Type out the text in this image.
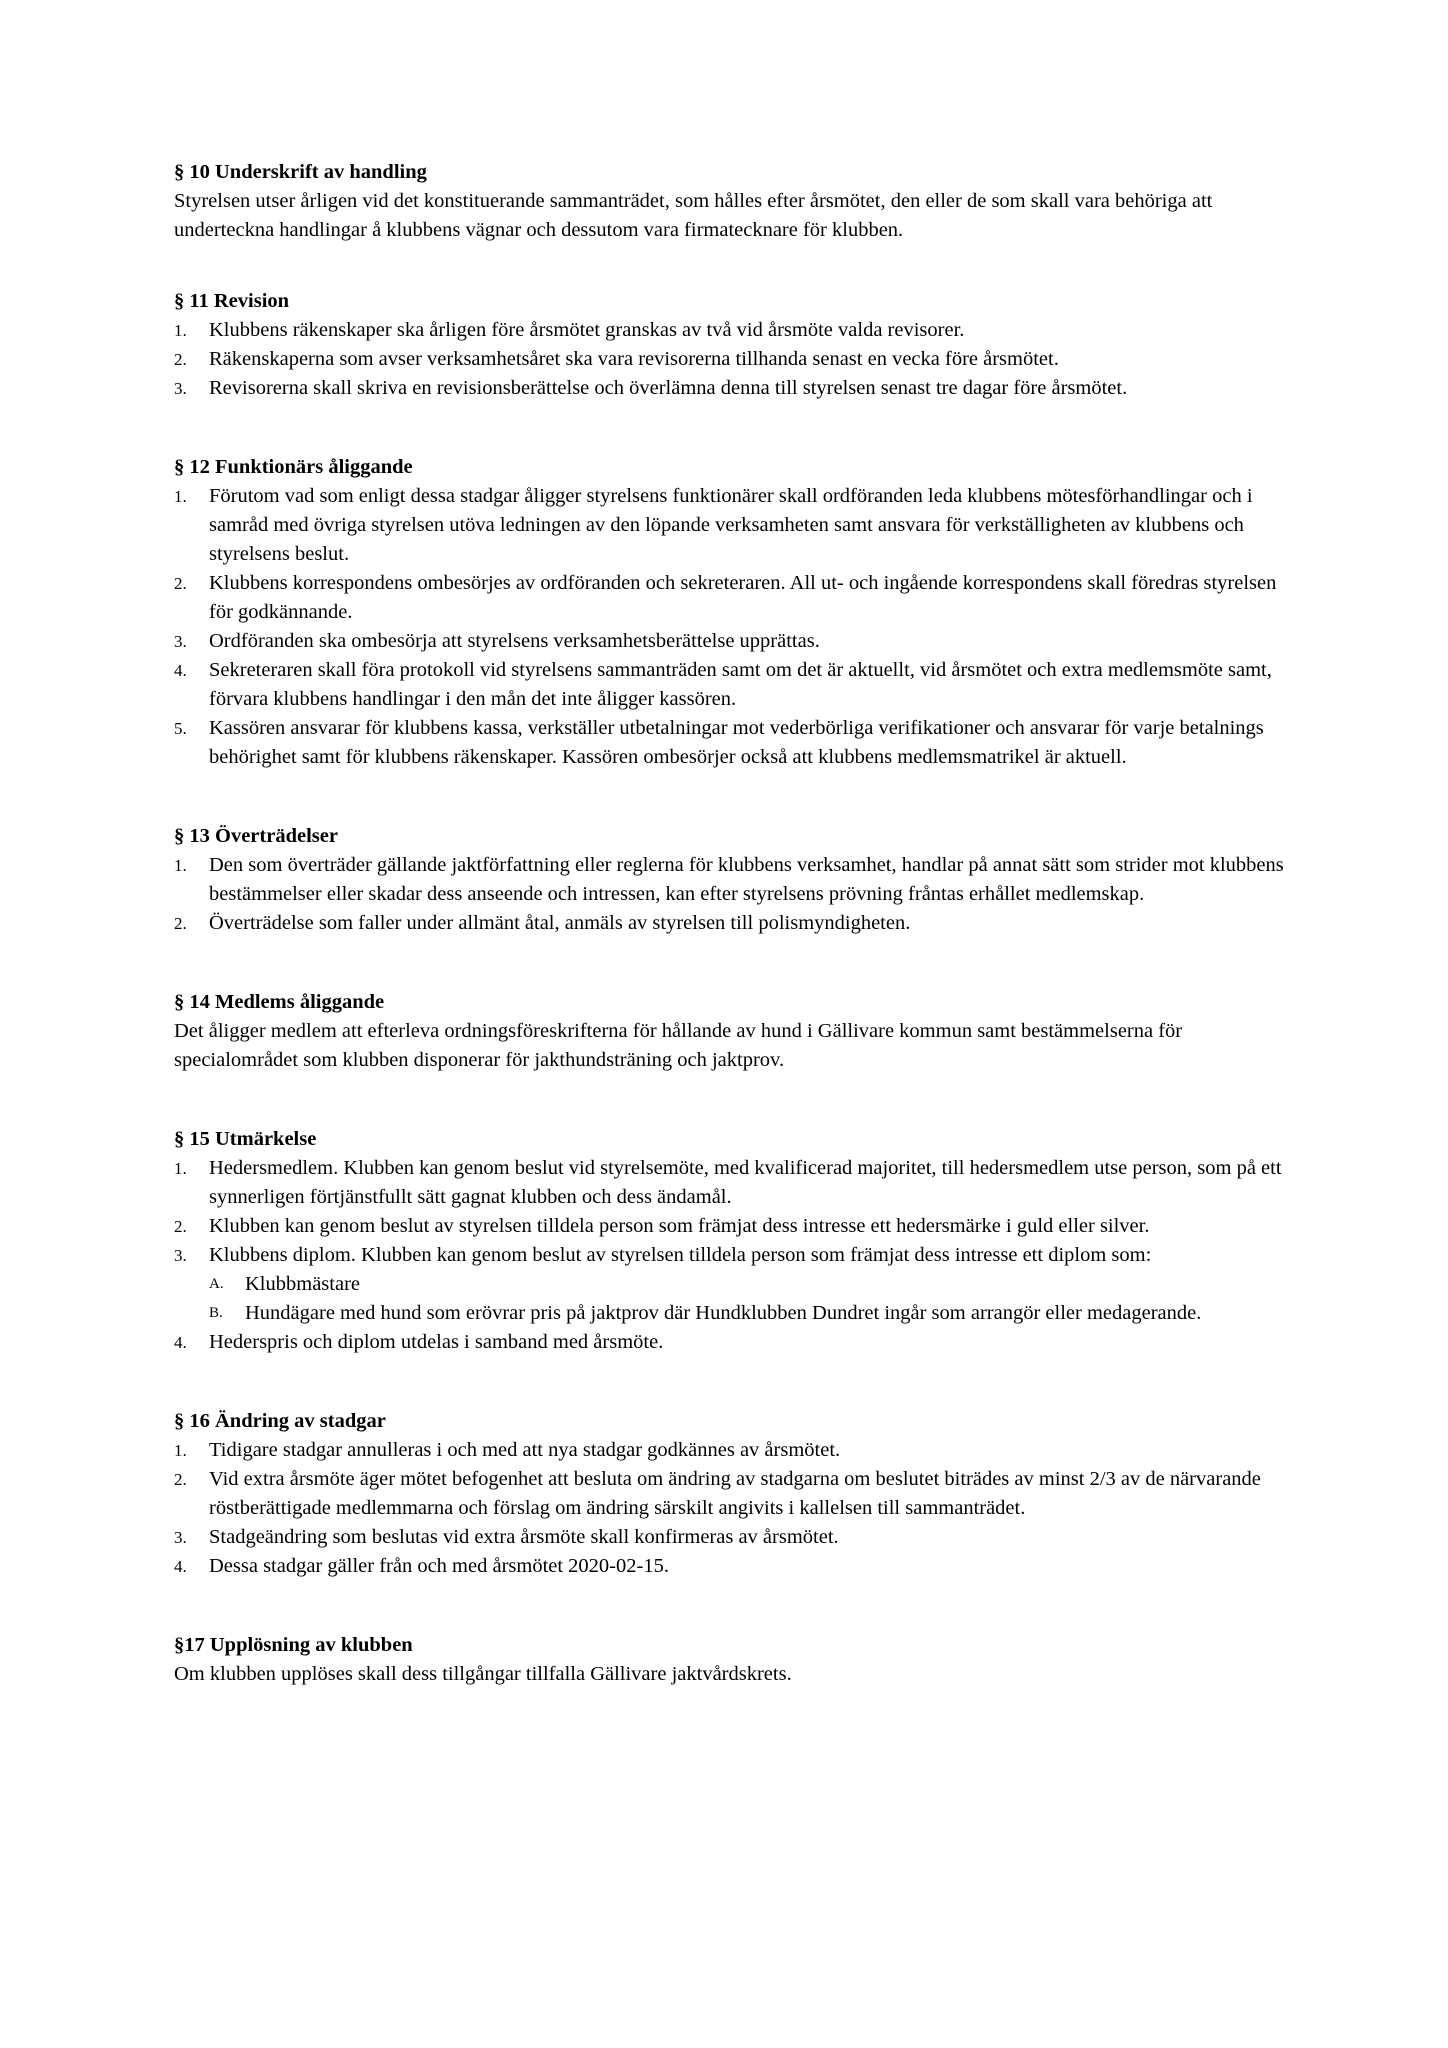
§ 10 Underskrift av handling

Styrelsen utser årligen vid det konstituerande sammanträdet, som hålles efter årsmötet, den eller de som skall vara behöriga att underteckna handlingar å klubbens vägnar och dessutom vara firmatecknare för klubben.

§ 11 Revision
1. Klubbens räkenskaper ska årligen före årsmötet granskas av två vid årsmöte valda revisorer.
2. Räkenskaperna som avser verksamhetsåret ska vara revisorerna tillhanda senast en vecka före årsmötet.
3. Revisorerna skall skriva en revisionsberättelse och överlämna denna till styrelsen senast tre dagar före årsmötet.
§ 12 Funktionärs åliggande
1. Förutom vad som enligt dessa stadgar åligger styrelsens funktionärer skall ordföranden leda klubbens mötesförhandlingar och i samråd med övriga styrelsen utöva ledningen av den löpande verksamheten samt ansvara för verkställigheten av klubbens och styrelsens beslut.
2. Klubbens korrespondens ombesörjes av ordföranden och sekreteraren. All ut- och ingående korrespondens skall föredras styrelsen för godkännande.
3. Ordföranden ska ombesörja att styrelsens verksamhetsberättelse upprättas.
4. Sekreteraren skall föra protokoll vid styrelsens sammanträden samt om det är aktuellt, vid årsmötet och extra medlemsmöte samt, förvara klubbens handlingar i den mån det inte åligger kassören.
5. Kassören ansvarar för klubbens kassa, verkställer utbetalningar mot vederbörliga verifikationer och ansvarar för varje betalnings behörighet samt för klubbens räkenskaper. Kassören ombesörjer också att klubbens medlemsmatrikel är aktuell.
§ 13 Överträdelser
1. Den som överträder gällande jaktförfattning eller reglerna för klubbens verksamhet, handlar på annat sätt som strider mot klubbens bestämmelser eller skadar dess anseende och intressen, kan efter styrelsens prövning fråntas erhållet medlemskap.
2. Överträdelse som faller under allmänt åtal, anmäls av styrelsen till polismyndigheten.
§ 14 Medlems åliggande

Det åligger medlem att efterleva ordningsföreskrifterna för hållande av hund i Gällivare kommun samt bestämmelserna för specialområdet som klubben disponerar för jakthundsträning och jaktprov.

§ 15 Utmärkelse
1. Hedersmedlem. Klubben kan genom beslut vid styrelsemöte, med kvalificerad majoritet, till hedersmedlem utse person, som på ett synnerligen förtjänstfullt sätt gagnat klubben och dess ändamål.
2. Klubben kan genom beslut av styrelsen tilldela person som främjat dess intresse ett hedersmärke i guld eller silver.
3. Klubbens diplom. Klubben kan genom beslut av styrelsen tilldela person som främjat dess intresse ett diplom som:
A. Klubbmästare
B. Hundägare med hund som erövrar pris på jaktprov där Hundklubben Dundret ingår som arrangör eller medagerande.
4. Hederspris och diplom utdelas i samband med årsmöte.
§ 16 Ändring av stadgar
1. Tidigare stadgar annulleras i och med att nya stadgar godkännes av årsmötet.
2. Vid extra årsmöte äger mötet befogenhet att besluta om ändring av stadgarna om beslutet biträdes av minst 2/3 av de närvarande röstberättigade medlemmarna och förslag om ändring särskilt angivits i kallelsen till sammanträdet.
3. Stadgeändring som beslutas vid extra årsmöte skall konfirmeras av årsmötet.
4. Dessa stadgar gäller från och med årsmötet 2020-02-15.
§17 Upplösning av klubben

Om klubben upplöses skall dess tillgångar tillfalla Gällivare jaktvårdskrets.
